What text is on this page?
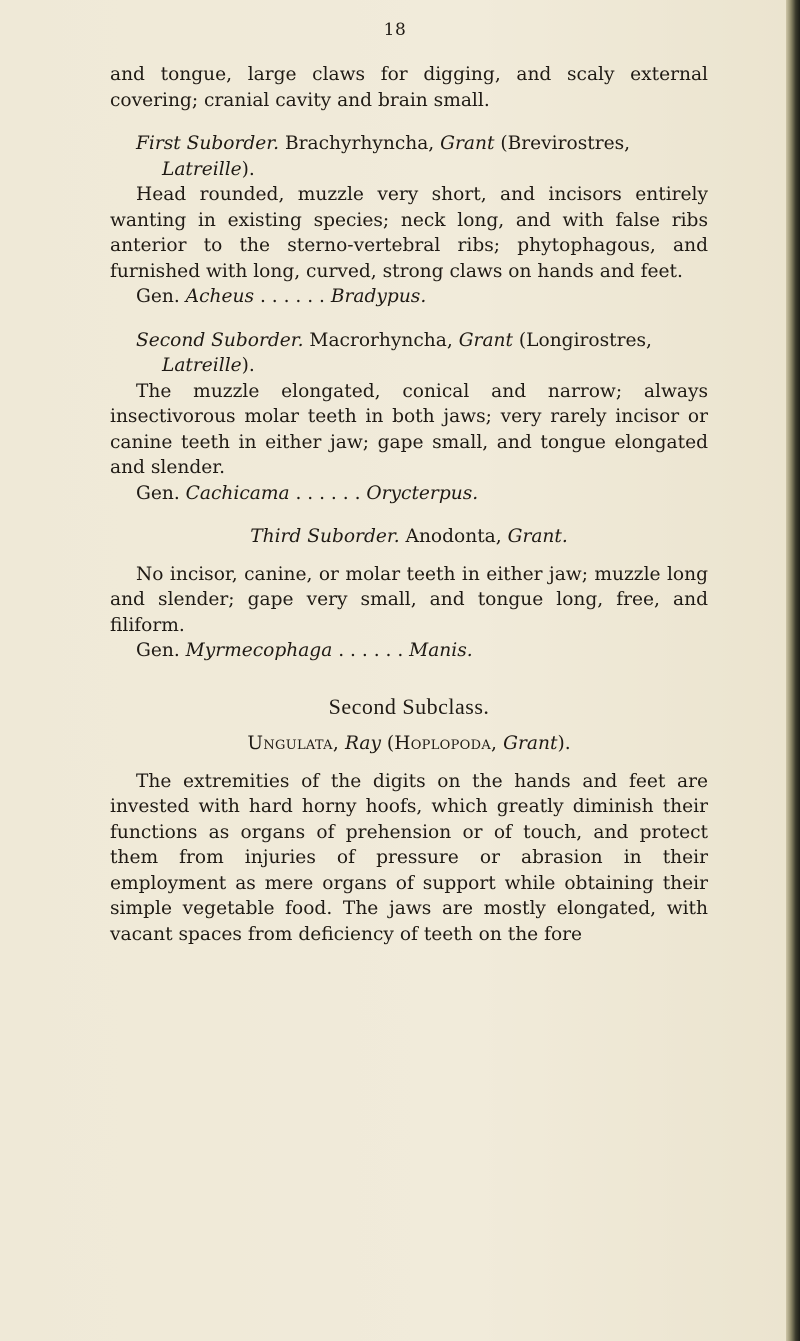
18

and tongue, large claws for digging, and scaly external covering; cranial cavity and brain small.

First Suborder. Brachyrhyncha, Grant (Brevirostres, Latreille).

Head rounded, muzzle very short, and incisors entirely wanting in existing species; neck long, and with false ribs anterior to the sterno-vertebral ribs; phytophagous, and furnished with long, curved, strong claws on hands and feet.

Gen. Acheus . . . . . . Bradypus.

Second Suborder. Macrorhyncha, Grant (Longirostres, Latreille).

The muzzle elongated, conical and narrow; always insectivorous molar teeth in both jaws; very rarely incisor or canine teeth in either jaw; gape small, and tongue elongated and slender.

Gen. Cachicama . . . . . . Orycterpus.

Third Suborder. Anodonta, Grant.

No incisor, canine, or molar teeth in either jaw; muzzle long and slender; gape very small, and tongue long, free, and filiform.

Gen. Myrmecophaga . . . . . . Manis.

Second Subclass.

Ungulata, Ray (Hoplopoda, Grant).

The extremities of the digits on the hands and feet are invested with hard horny hoofs, which greatly diminish their functions as organs of prehension or of touch, and protect them from injuries of pressure or abrasion in their employment as mere organs of support while obtaining their simple vegetable food. The jaws are mostly elongated, with vacant spaces from deficiency of teeth on the fore
